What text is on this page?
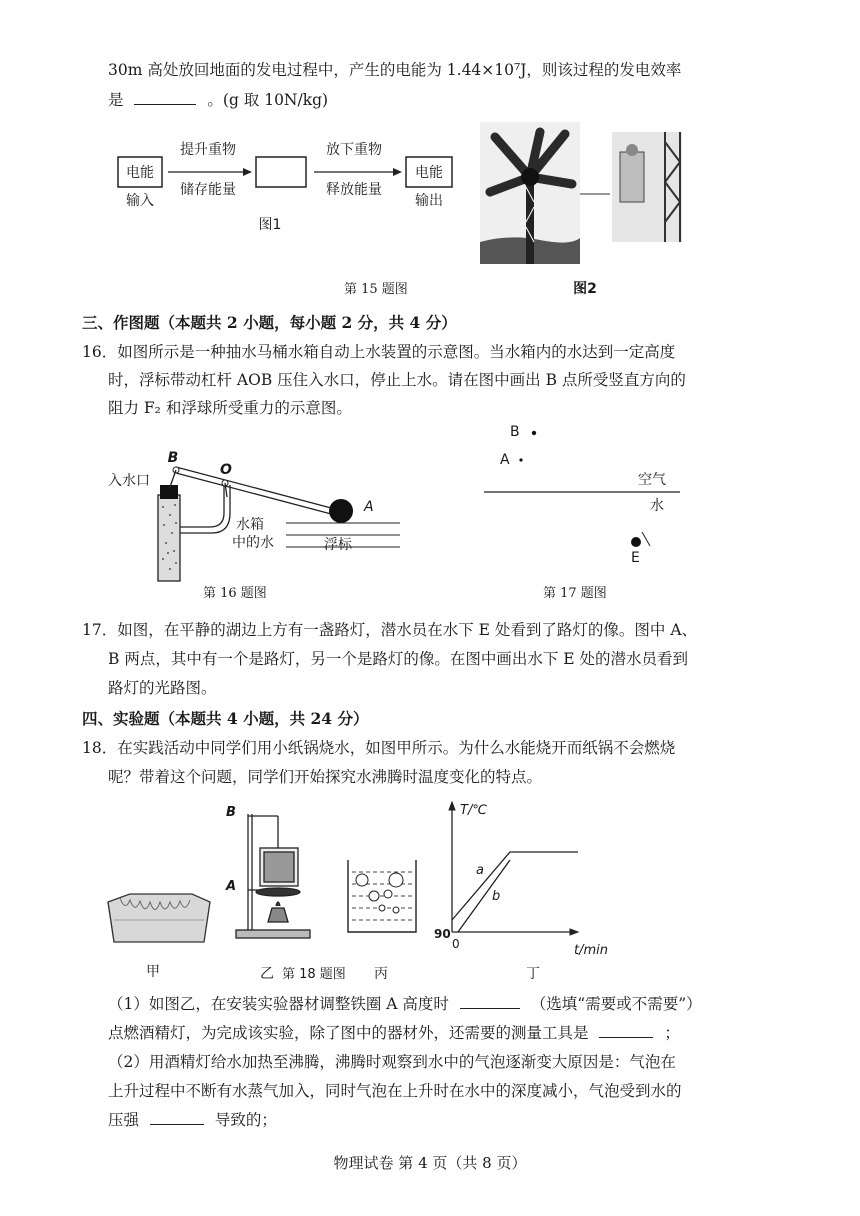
30m 高处放回地面的发电过程中，产生的电能为 1.44×10⁷J，则该过程的发电效率
是	。(g 取 10N/kg)
电能
输入
提升重物
储存能量
放下重物
释放能量
电能
输出
图1
图2
第 15 题图
三、作图题（本题共 2 小题，每小题 2 分，共 4 分）
16．如图所示是一种抽水马桶水箱自动上水装置的示意图。当水箱内的水达到一定高度
时，浮标带动杠杆 AOB 压住入水口，停止上水。请在图中画出 B 点所受竖直方向的
阻力 F₂ 和浮球所受重力的示意图。
B
O
A
入水口
水箱
中的水	浮标
第 16 题图
B
A
空气
水
E
第 17 题图
17．如图，在平静的湖边上方有一盏路灯，潜水员在水下 E 处看到了路灯的像。图中 A、
B 两点，其中有一个是路灯，另一个是路灯的像。在图中画出水下 E 处的潜水员看到
路灯的光路图。
四、实验题（本题共 4 小题，共 24 分）
18．在实践活动中同学们用小纸锅烧水，如图甲所示。为什么水能烧开而纸锅不会燃烧
呢？带着这个问题，同学们开始探究水沸腾时温度变化的特点。
B
A
T/℃
t/min
90
0
a
b
甲	乙 第 18 题图 丙	丁
（1）如图乙，在安装实验器材调整铁圈 A 高度时	（选填“需要或不需要”）
点燃酒精灯，为完成该实验，除了图中的器材外，还需要的测量工具是	；
（2）用酒精灯给水加热至沸腾，沸腾时观察到水中的气泡逐渐变大原因是：气泡在
上升过程中不断有水蒸气加入，同时气泡在上升时在水中的深度减小，气泡受到水的
压强	导致的；
物理试卷 第 4 页（共 8 页）
